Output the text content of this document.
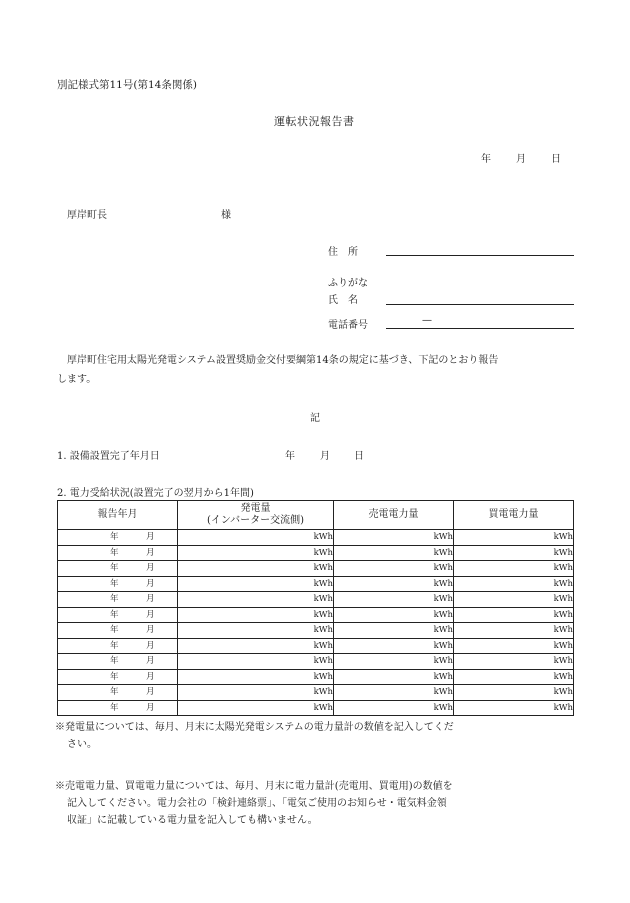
別記様式第11号(第14条関係)
運転状況報告書
年	月	日
厚岸町長	様
住　所
ふりがな
氏　名
電話番号	—
厚岸町住宅用太陽光発電システム設置奨励金交付要綱第14条の規定に基づき、下記のとおり報告
します。
記
1. 設備設置完了年月日	年	月 日
2. 電力受給状況(設置完了の翌月から1年間)
報告年月	発電量
(インバーター交流側)	売電電力量	買電電力量

年 月	kWh	kWh	kWh

年 月	kWh	kWh	kWh

年 月	kWh	kWh	kWh

年 月	kWh	kWh	kWh

年 月	kWh	kWh	kWh

年 月	kWh	kWh	kWh

年 月	kWh	kWh	kWh

年 月	kWh	kWh	kWh

年 月	kWh	kWh	kWh

年 月	kWh	kWh	kWh

年 月	kWh	kWh	kWh

年 月	kWh	kWh	kWh
※発電量については、毎月、月末に太陽光発電システムの電力量計の数値を記入してくだ
さい。
※売電電力量、買電電力量については、毎月、月末に電力量計(売電用、買電用)の数値を
記入してください。電力会社の「検針連絡票」、「電気ご使用のお知らせ・電気料金領
収証」に記載している電力量を記入しても構いません。
